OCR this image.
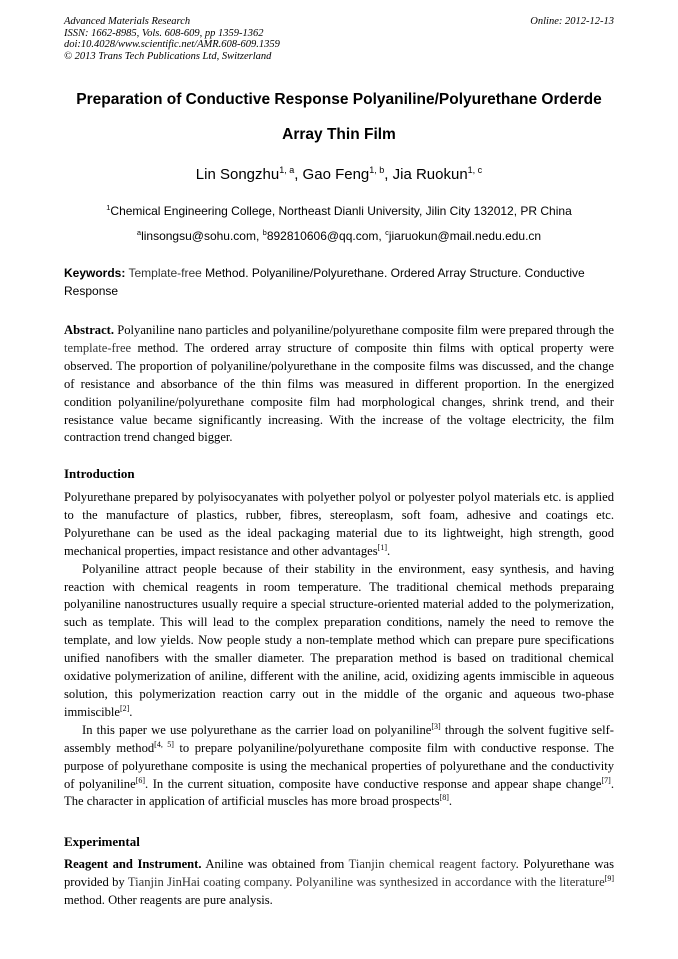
Advanced Materials Research
ISSN: 1662-8985, Vols. 608-609, pp 1359-1362
doi:10.4028/www.scientific.net/AMR.608-609.1359
© 2013 Trans Tech Publications Ltd, Switzerland
Online: 2012-12-13
Preparation of Conductive Response Polyaniline/Polyurethane Orderde
Array Thin Film
Lin Songzhu$^{1, a}$, Gao Feng$^{1, b}$, Jia Ruokun$^{1, c}$
$^1$Chemical Engineering College, Northeast Dianli University, Jilin City 132012, PR China
$^a$linsongsu@sohu.com, $^b$892810606@qq.com, $^c$jiaruokun@mail.nedu.edu.cn
Keywords: Template-free Method. Polyaniline/Polyurethane. Ordered Array Structure. Conductive Response

Abstract. Polyaniline nano particles and polyaniline/polyurethane composite film were prepared through the template-free method. The ordered array structure of composite thin films with optical property were observed. The proportion of polyaniline/polyurethane in the composite films was discussed, and the change of resistance and absorbance of the thin films was measured in different proportion. In the energized condition polyaniline/polyurethane composite film had morphological changes, shrink trend, and their resistance value became significantly increasing. With the increase of the voltage electricity, the film contraction trend changed bigger.

Introduction

Polyurethane prepared by polyisocyanates with polyether polyol or polyester polyol materials etc. is applied to the manufacture of plastics, rubber, fibres, stereoplasm, soft foam, adhesive and coatings etc. Polyurethane can be used as the ideal packaging material due to its lightweight, high strength, good mechanical properties, impact resistance and other advantages[1].

Polyaniline attract people because of their stability in the environment, easy synthesis, and having reaction with chemical reagents in room temperature. The traditional chemical methods preparaing polyaniline nanostructures usually require a special structure-oriented material added to the polymerization, such as template. This will lead to the complex preparation conditions, namely the need to remove the template, and low yields. Now people study a non-template method which can prepare pure specifications unified nanofibers with the smaller diameter. The preparation method is based on traditional chemical oxidative polymerization of aniline, different with the aniline, acid, oxidizing agents immiscible in aqueous solution, this polymerization reaction carry out in the middle of the organic and aqueous two-phase immiscible[2].

In this paper we use polyurethane as the carrier load on polyaniline[3] through the solvent fugitive self-assembly method[4, 5] to prepare polyaniline/polyurethane composite film with conductive response. The purpose of polyurethane composite is using the mechanical properties of polyurethane and the conductivity of polyaniline[6]. In the current situation, composite have conductive response and appear shape change[7]. The character in application of artificial muscles has more broad prospects[8].

Experimental

Reagent and Instrument. Aniline was obtained from Tianjin chemical reagent factory. Polyurethane was provided by Tianjin JinHai coating company. Polyaniline was synthesized in accordance with the literature[9] method. Other reagents are pure analysis.
